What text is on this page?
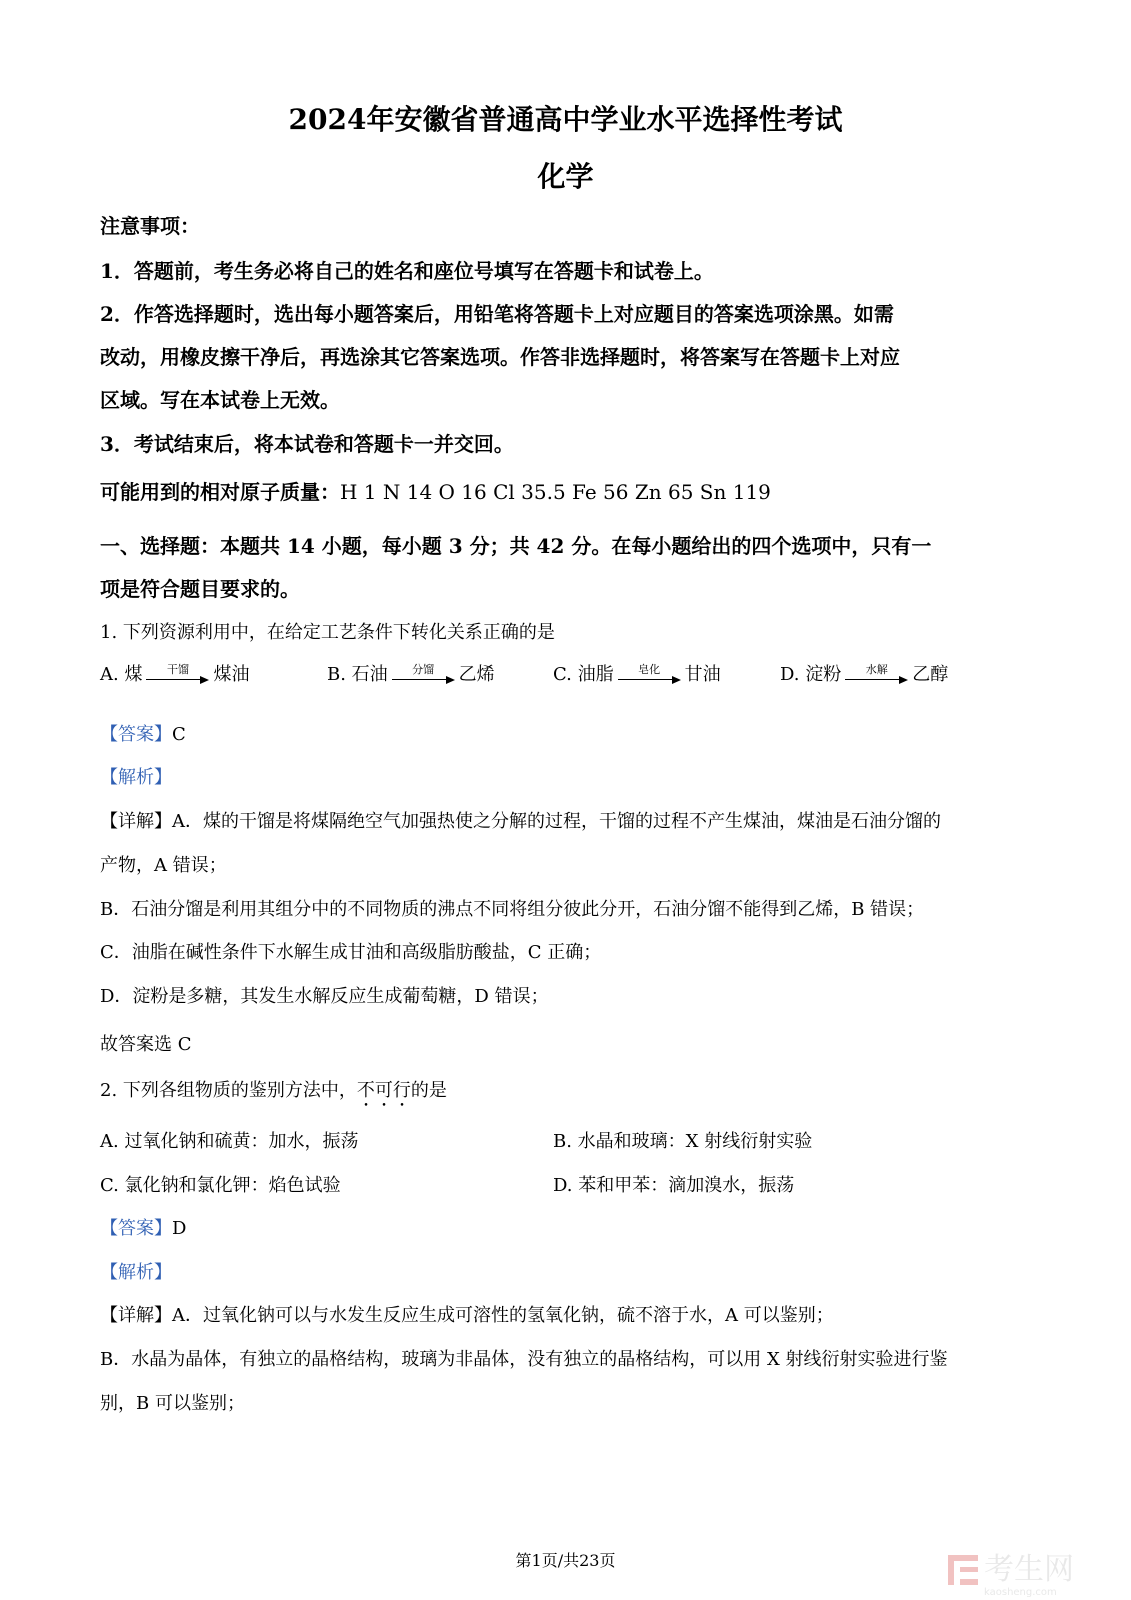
2024年安徽省普通高中学业水平选择性考试
化学
注意事项：
1．答题前，考生务必将自己的姓名和座位号填写在答题卡和试卷上。
2．作答选择题时，选出每小题答案后，用铅笔将答题卡上对应题目的答案选项涂黑。如需
改动，用橡皮擦干净后，再选涂其它答案选项。作答非选择题时，将答案写在答题卡上对应
区域。写在本试卷上无效。
3．考试结束后，将本试卷和答题卡一并交回。
可能用到的相对原子质量：H 1 N 14 O 16 Cl 35.5 Fe 56 Zn 65 Sn 119
一、选择题：本题共 14 小题，每小题 3 分；共 42 分。在每小题给出的四个选项中，只有一
项是符合题目要求的。
1. 下列资源利用中，在给定工艺条件下转化关系正确的是
A. 煤 干馏 煤油	B. 石油 分馏 乙烯	C. 油脂 皂化 甘油	D. 淀粉 水解 乙醇
【答案】C
【解析】
【详解】A．煤的干馏是将煤隔绝空气加强热使之分解的过程，干馏的过程不产生煤油，煤油是石油分馏的
产物，A 错误；
B．石油分馏是利用其组分中的不同物质的沸点不同将组分彼此分开，石油分馏不能得到乙烯，B 错误；
C．油脂在碱性条件下水解生成甘油和高级脂肪酸盐，C 正确；
D．淀粉是多糖，其发生水解反应生成葡萄糖，D 错误；
故答案选 C
2. 下列各组物质的鉴别方法中，不可行的是
A. 过氧化钠和硫黄：加水，振荡	B. 水晶和玻璃：X 射线衍射实验
C. 氯化钠和氯化钾：焰色试验	D. 苯和甲苯：滴加溴水，振荡
【答案】D
【解析】
【详解】A．过氧化钠可以与水发生反应生成可溶性的氢氧化钠，硫不溶于水，A 可以鉴别；
B．水晶为晶体，有独立的晶格结构，玻璃为非晶体，没有独立的晶格结构，可以用 X 射线衍射实验进行鉴
别，B 可以鉴别；
第1页/共23页	考生网
kaosheng.com
